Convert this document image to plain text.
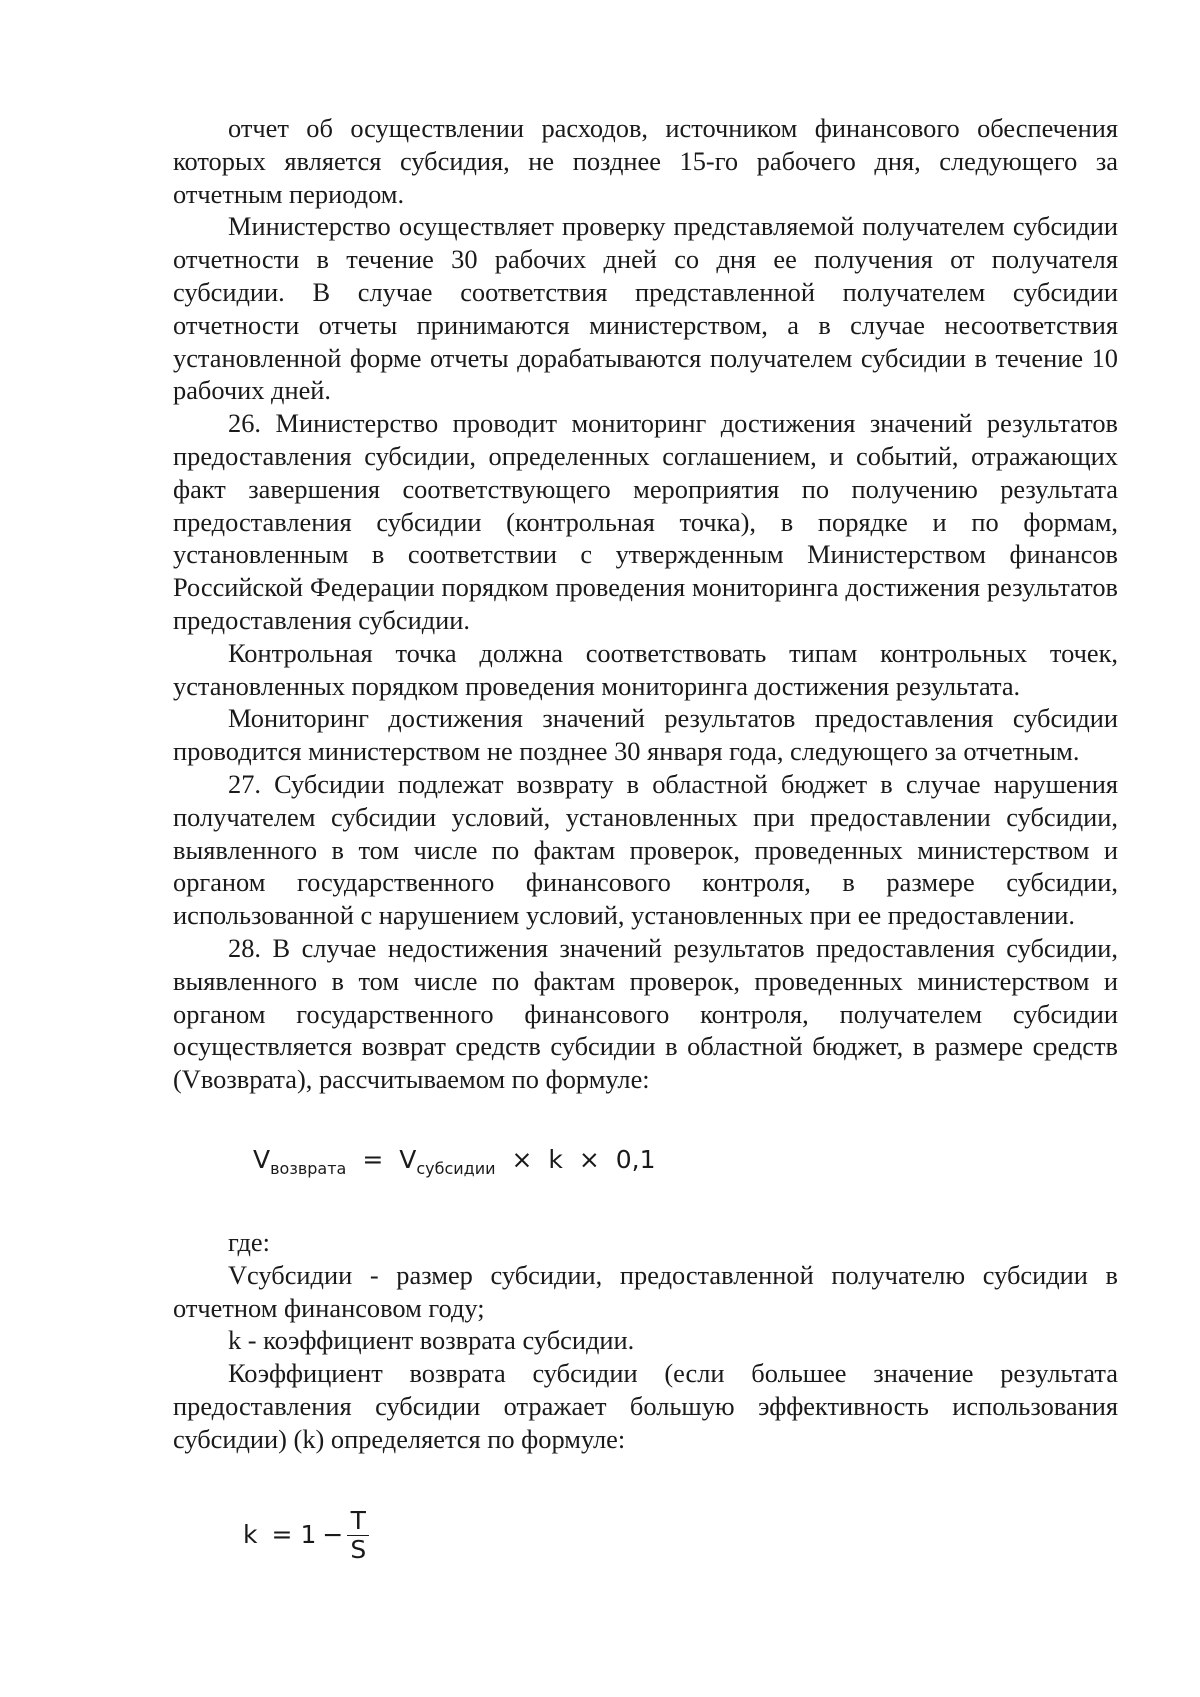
отчет об осуществлении расходов, источником финансового обеспечения которых является субсидия, не позднее 15-го рабочего дня, следующего за отчетным периодом.

Министерство осуществляет проверку представляемой получателем субсидии отчетности в течение 30 рабочих дней со дня ее получения от получателя субсидии. В случае соответствия представленной получателем субсидии отчетности отчеты принимаются министерством, а в случае несоответствия установленной форме отчеты дорабатываются получателем субсидии в течение 10 рабочих дней.

26. Министерство проводит мониторинг достижения значений результатов предоставления субсидии, определенных соглашением, и событий, отражающих факт завершения соответствующего мероприятия по получению результата предоставления субсидии (контрольная точка), в порядке и по формам, установленным в соответствии с утвержденным Министерством финансов Российской Федерации порядком проведения мониторинга достижения результатов предоставления субсидии.

Контрольная точка должна соответствовать типам контрольных точек, установленных порядком проведения мониторинга достижения результата.

Мониторинг достижения значений результатов предоставления субсидии проводится министерством не позднее 30 января года, следующего за отчетным.

27. Субсидии подлежат возврату в областной бюджет в случае нарушения получателем субсидии условий, установленных при предоставлении субсидии, выявленного в том числе по фактам проверок, проведенных министерством и органом государственного финансового контроля, в размере субсидии, использованной с нарушением условий, установленных при ее предоставлении.

28. В случае недостижения значений результатов предоставления субсидии, выявленного в том числе по фактам проверок, проведенных министерством и органом государственного финансового контроля, получателем субсидии осуществляется возврат средств субсидии в областной бюджет, в размере средств (Vвозврата), рассчитываемом по формуле:

$V_{возврата} = V_{субсидии} \times k \times 0,1$

где:

Vсубсидии - размер субсидии, предоставленной получателю субсидии в отчетном финансовом году;

k - коэффициент возврата субсидии.

Коэффициент возврата субсидии (если большее значение результата предоставления субсидии отражает большую эффективность использования субсидии) (k) определяется по формуле:

$k = 1 - \frac{T}{S}$
